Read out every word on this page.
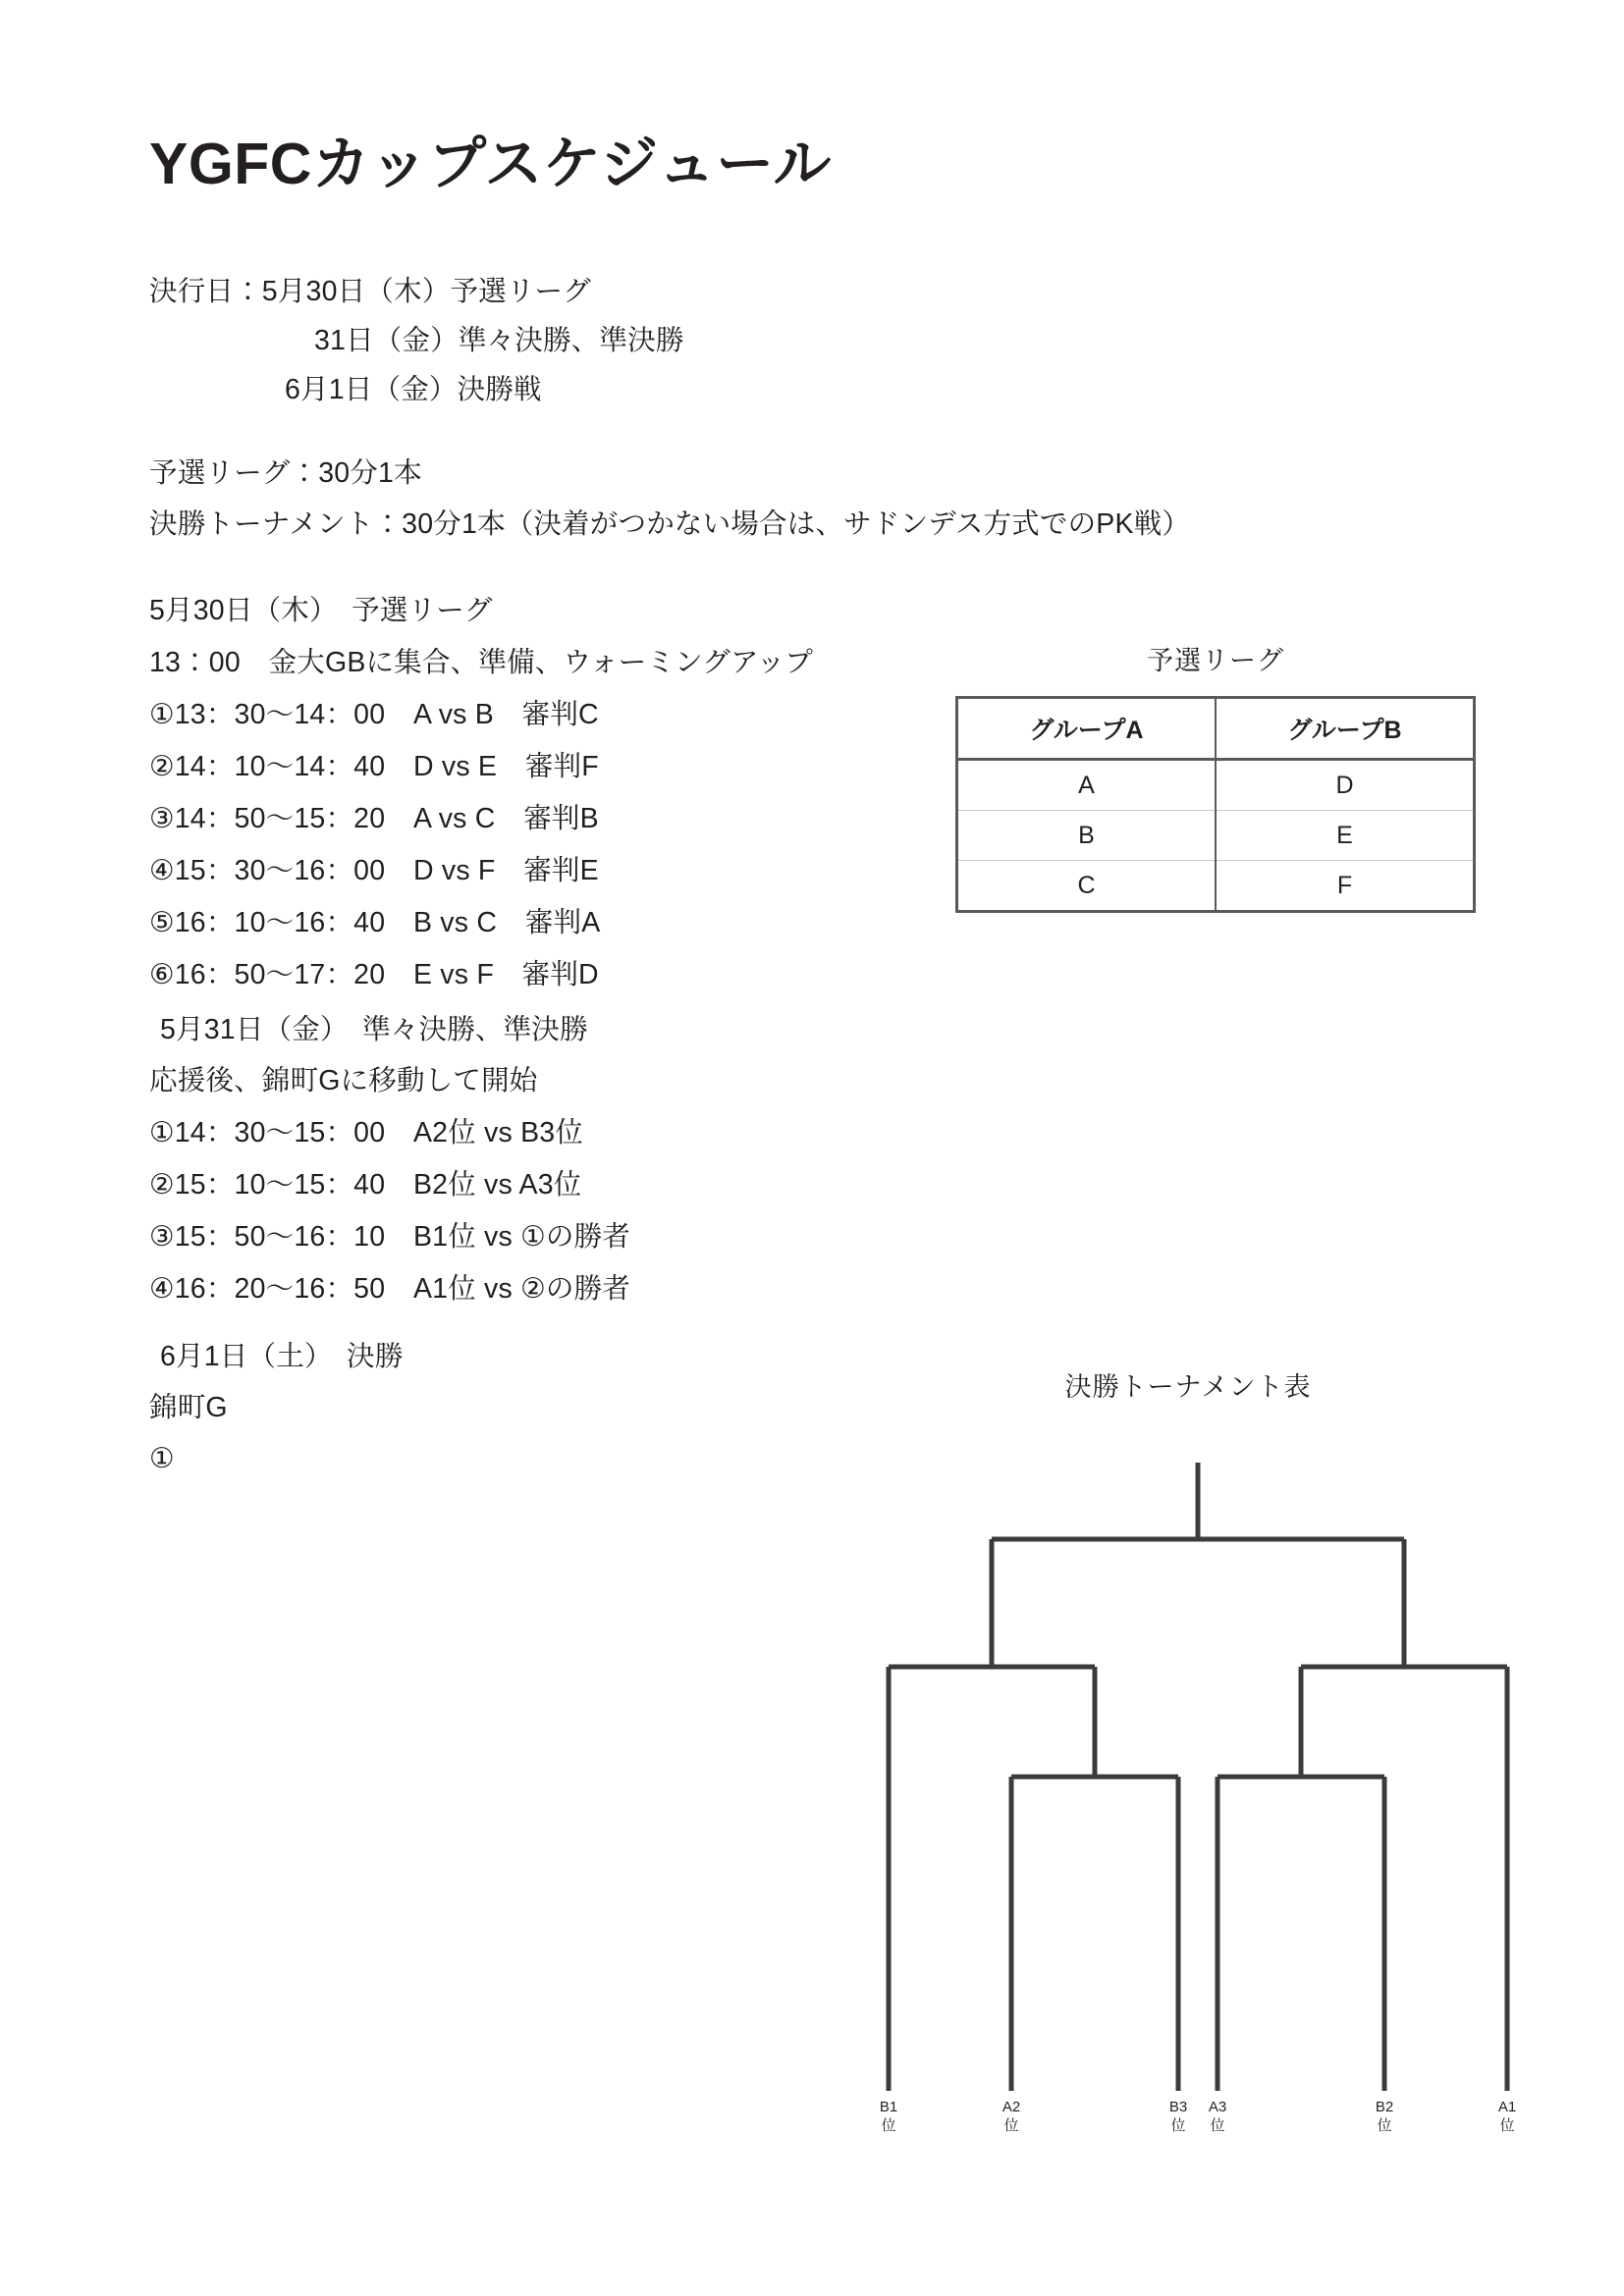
YGFCカップスケジュール
決行日：5月30日（木）予選リーグ
31日（金）準々決勝、準決勝
6月1日（金）決勝戦
予選リーグ：30分1本
決勝トーナメント：30分1本（決着がつかない場合は、サドンデス方式でのPK戦）
5月30日（木）　予選リーグ
13：00　金大GBに集合、準備、ウォーミングアップ
①13：30〜14：00　 A vs B　 審判C
②14：10〜14：40　 D vs E　 審判F
③14：50〜15：20　 A vs C　 審判B
④15：30〜16：00　 D vs F　 審判E
⑤16：10〜16：40　 B vs C　 審判A
⑥16：50〜17：20　 E vs F　 審判D
5月31日（金）　準々決勝、準決勝
応援後、錦町Gに移動して開始
①14：30〜15：00　 A2位 vs B3位
②15：10〜15：40　 B2位 vs A3位
③15：50〜16：10　 B1位 vs ①の勝者
④16：20〜16：50　 A1位 vs ②の勝者
6月1日（土）　決勝
錦町G
①
予選リーグ
グループA	グループB
A	D
B	E
C	F
決勝トーナメント表
B1
位
A2
位
B3
位
A3
位
B2
位
A1
位
